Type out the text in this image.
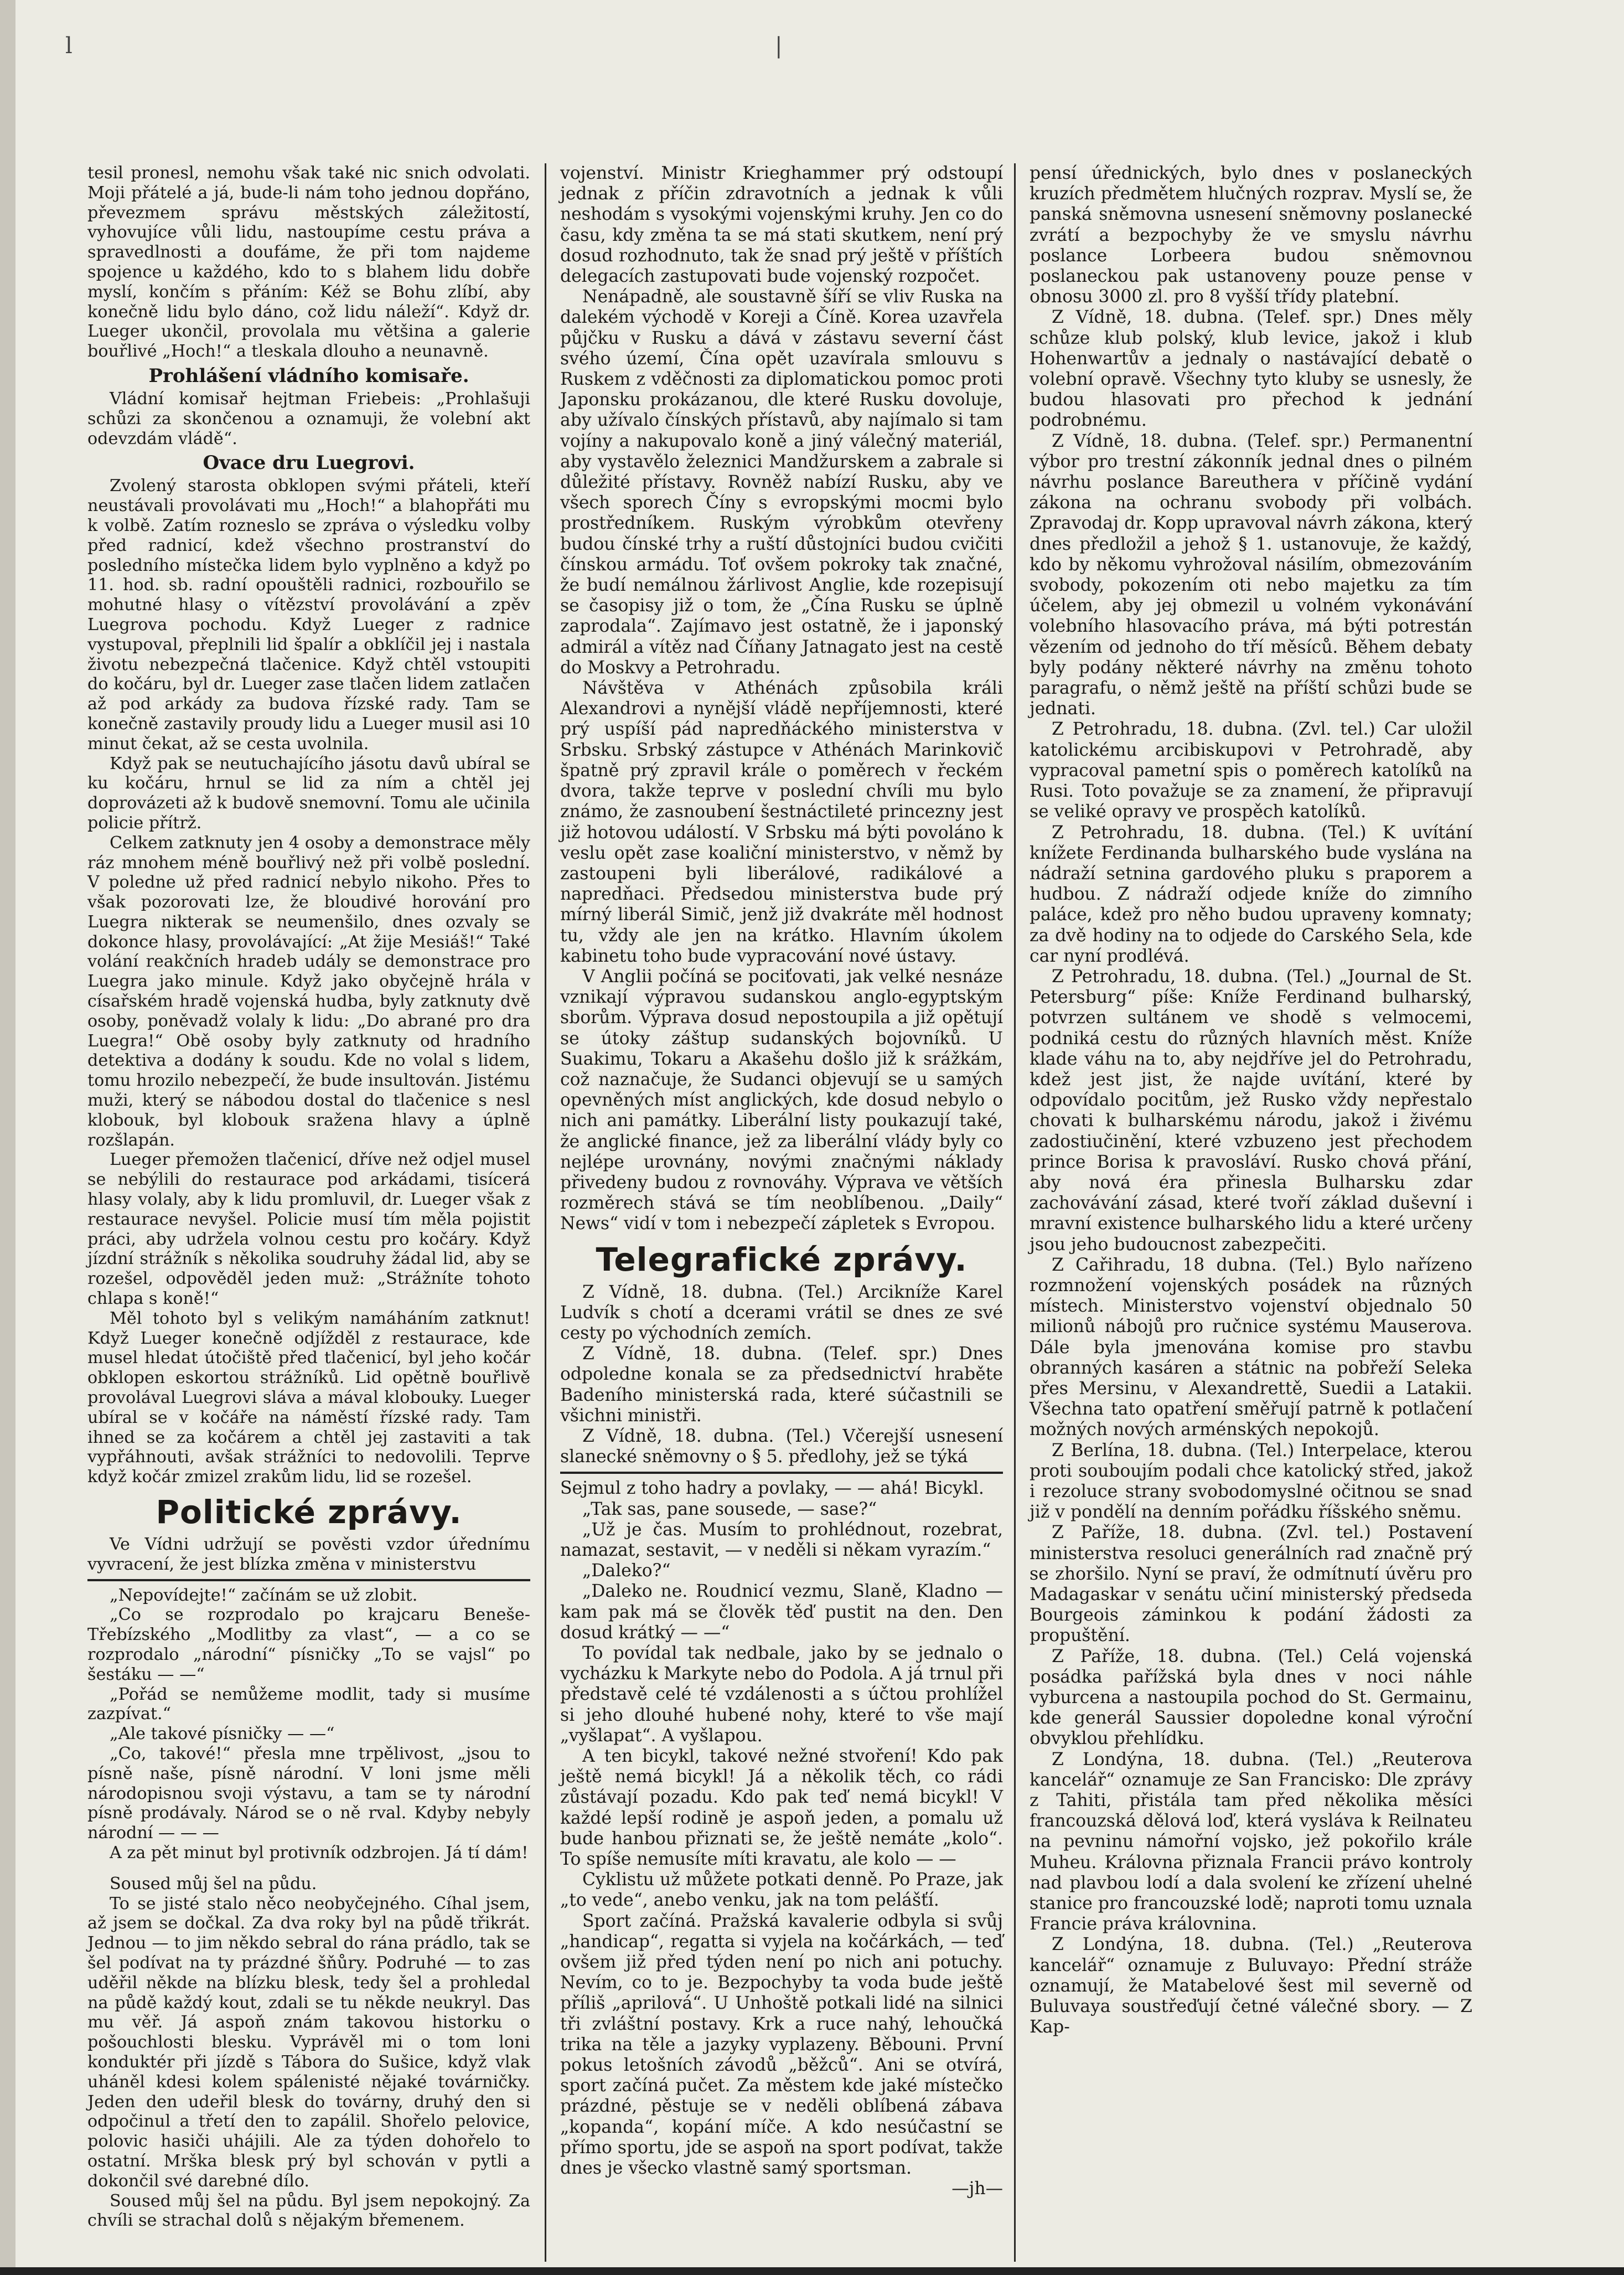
l	|

tesil pronesl, nemohu však také nic snich odvolati. Moji přátelé a já, bude-li nám toho jednou dopřáno, převezmem správu městských záležitostí, vyhovujíce vůli lidu, nastoupíme cestu práva a spravedlnosti a doufáme, že při tom najdeme spojence u každého, kdo to s blahem lidu dobře myslí, končím s přáním: Kéž se Bohu zlíbí, aby konečně lidu bylo dáno, což lidu náleží“. Když dr. Lueger ukončil, provolala mu většina a galerie bouřlivé „Hoch!“ a tleskala dlouho a neunavně.

Prohlášení vládního komisaře.

Vládní komisař hejtman Friebeis: „Prohlašuji schůzi za skončenou a oznamuji, že volební akt odevzdám vládě“.

Ovace dru Luegrovi.

Zvolený starosta obklopen svými přáteli, kteří neustávali provolávati mu „Hoch!“ a blahopřáti mu k volbě. Zatím rozneslo se zpráva o výsledku volby před radnicí, kdež všechno prostranství do posledního místečka lidem bylo vyplněno a když po 11. hod. sb. radní opouštěli radnici, rozbouřilo se mohutné hlasy o vítězství provolávání a zpěv Luegrova pochodu. Když Lueger z radnice vystupoval, přeplnili lid špalír a obklíčil jej i nastala životu nebezpečná tlačenice. Když chtěl vstoupiti do kočáru, byl dr. Lueger zase tlačen lidem zatlačen až pod arkády za budova řízské rady. Tam se konečně zastavily proudy lidu a Lueger musil asi 10 minut čekat, až se cesta uvolnila.

Když pak se neutuchajícího jásotu davů ubíral se ku kočáru, hrnul se lid za ním a chtěl jej doprovázeti až k budově snemovní. Tomu ale učinila policie přítrž.

Celkem zatknuty jen 4 osoby a demonstrace měly ráz mnohem méně bouřlivý než při volbě poslední. V poledne už před radnicí nebylo nikoho. Přes to však pozorovati lze, že bloudivé horování pro Luegra nikterak se neumenšilo, dnes ozvaly se dokonce hlasy, provolávající: „At žije Mesiáš!“ Také volání reakčních hradeb udály se demonstrace pro Luegra jako minule. Když jako obyčejně hrála v císařském hradě vojenská hudba, byly zatknuty dvě osoby, poněvadž volaly k lidu: „Do abrané pro dra Luegra!“ Obě osoby byly zatknuty od hradního detektiva a dodány k soudu. Kde no volal s lidem, tomu hrozilo nebezpečí, že bude insultován. Jistému muži, který se nábodou dostal do tlačenice s nesl klobouk, byl klobouk sražena hlavy a úplně rozšlapán.

Lueger přemožen tlačenicí, dříve než odjel musel se nebýlili do restaurace pod arkádami, tisícerá hlasy volaly, aby k lidu promluvil, dr. Lueger však z restaurace nevyšel. Policie musí tím měla pojistit práci, aby udržela volnou cestu pro kočáry. Když jízdní strážník s několika soudruhy žádal lid, aby se rozešel, odpověděl jeden muž: „Strážníte tohoto chlapa s koně!“

Měl tohoto byl s velikým namáháním zatknut! Když Lueger konečně odjížděl z restaurace, kde musel hledat útočiště před tlačenicí, byl jeho kočár obklopen eskortou strážníků. Lid opětně bouřlivě provolával Luegrovi sláva a mával klobouky. Lueger ubíral se v kočáře na náměstí řízské rady. Tam ihned se za kočárem a chtěl jej zastaviti a tak vypřáhnouti, avšak strážníci to nedovolili. Teprve když kočár zmizel zrakům lidu, lid se rozešel.

Politické zprávy.

Ve Vídni udržují se pověsti vzdor úřednímu vyvracení, že jest blízka změna v ministerstvu

„Nepovídejte!“ začínám se už zlobit.

„Co se rozprodalo po krajcaru Beneše-Třebízského „Modlitby za vlast“, — a co se rozprodalo „národní“ písničky „To se vajsl“ po šestáku — —“

„Pořád se nemůžeme modlit, tady si musíme zazpívat.“

„Ale takové písničky — —“

„Co, takové!“ přesla mne trpělivost, „jsou to písně naše, písně národní. V loni jsme měli národopisnou svoji výstavu, a tam se ty národní písně prodávaly. Národ se o ně rval. Kdyby nebyly národní — — —

A za pět minut byl protivník odzbrojen. Já tí dám!

Soused můj šel na půdu.

To se jisté stalo něco neobyčejného. Cíhal jsem, až jsem se dočkal. Za dva roky byl na půdě třikrát. Jednou — to jim někdo sebral do rána prádlo, tak se šel podívat na ty prázdné šňůry. Podruhé — to zas uděřil někde na blízku blesk, tedy šel a prohledal na půdě každý kout, zdali se tu někde neukryl. Das mu věř. Já aspoň znám takovou historku o pošouchlosti blesku. Vyprávěl mi o tom loni konduktér při jízdě s Tábora do Sušice, když vlak uháněl kdesi kolem spálenisté nějaké továrničky. Jeden den udeřil blesk do továrny, druhý den si odpočinul a třetí den to zapálil. Shořelo pelovice, polovic hasiči uhájili. Ale za týden dohořelo to ostatní. Mrška blesk prý byl schován v pytli a dokončil své darebné dílo.

Soused můj šel na půdu. Byl jsem nepokojný. Za chvíli se strachal dolů s nějakým břemenem.

vojenství. Ministr Krieghammer prý odstoupí jednak z příčin zdravotních a jednak k vůli neshodám s vysokými vojenskými kruhy. Jen co do času, kdy změna ta se má stati skutkem, není prý dosud rozhodnuto, tak že snad prý ještě v příštích delegacích zastupovati bude vojenský rozpočet.

Nenápadně, ale soustavně šíří se vliv Ruska na dalekém východě v Koreji a Číně. Korea uzavřela půjčku v Rusku a dává v zástavu severní část svého území, Čína opět uzavírala smlouvu s Ruskem z vděčnosti za diplomatickou pomoc proti Japonsku prokázanou, dle které Rusku dovoluje, aby užívalo čínských přístavů, aby najímalo si tam vojíny a nakupovalo koně a jiný válečný materiál, aby vystavělo železnici Mandžurskem a zabrale si důležité přístavy. Rovněž nabízí Rusku, aby ve všech sporech Číny s evropskými mocmi bylo prostředníkem. Ruským výrobkům otevřeny budou čínské trhy a ruští důstojníci budou cvičiti čínskou armádu. Toť ovšem pokroky tak značné, že budí nemálnou žárlivost Anglie, kde rozepisují se časopisy již o tom, že „Čína Rusku se úplně zaprodala“. Zajímavo jest ostatně, že i japonský admirál a vítěz nad Číňany Jatnagato jest na cestě do Moskvy a Petrohradu.

Návštěva v Athénách způsobila králi Alexandrovi a nynější vládě nepříjemnosti, které prý uspíší pád napredňáckého ministerstva v Srbsku. Srbský zástupce v Athénách Marinkovič špatně prý zpravil krále o poměrech v řeckém dvora, takže teprve v poslední chvíli mu bylo známo, že zasnoubení šestnáctileté princezny jest již hotovou událostí. V Srbsku má býti povoláno k veslu opět zase koaliční ministerstvo, v němž by zastoupeni byli liberálové, radikálové a napredňaci. Předsedou ministerstva bude prý mírný liberál Simič, jenž již dvakráte měl hodnost tu, vždy ale jen na krátko. Hlavním úkolem kabinetu toho bude vypracování nové ústavy.

V Anglii počíná se pociťovati, jak velké nesnáze vznikají výpravou sudanskou anglo-egyptským sborům. Výprava dosud nepostoupila a již opětují se útoky záštup sudanských bojovníků. U Suakimu, Tokaru a Akašehu došlo již k srážkám, což naznačuje, že Sudanci objevují se u samých opevněných míst anglických, kde dosud nebylo o nich ani památky. Liberální listy poukazují také, že anglické finance, jež za liberální vlády byly co nejlépe urovnány, novými značnými náklady přivedeny budou z rovnováhy. Výprava ve větších rozměrech stává se tím neoblíbenou. „Daily“ News“ vidí v tom i nebezpečí zápletek s Evropou.

Telegrafické zprávy.

Z Vídně, 18. dubna. (Tel.) Arcikníže Karel Ludvík s chotí a dcerami vrátil se dnes ze své cesty po východních zemích.

Z Vídně, 18. dubna. (Telef. spr.) Dnes odpoledne konala se za předsednictví hraběte Badeního ministerská rada, které súčastnili se všichni ministři.

Z Vídně, 18. dubna. (Tel.) Včerejší usnesení slanecké sněmovny o § 5. předlohy, jež se týká

Sejmul z toho hadry a povlaky, — — ahá! Bicykl.

„Tak sas, pane sousede, — sase?“

„Už je čas. Musím to prohlédnout, rozebrat, namazat, sestavit, — v neděli si někam vyrazím.“

„Daleko?“

„Daleko ne. Roudnicí vezmu, Slaně, Kladno — kam pak má se člověk těď pustit na den. Den dosud krátký — —“

To povídal tak nedbale, jako by se jednalo o vycházku k Markyte nebo do Podola. A já trnul při představě celé té vzdálenosti a s účtou prohlížel si jeho dlouhé hubené nohy, které to vše mají „vyšlapat“. A vyšlapou.

A ten bicykl, takové nežné stvoření! Kdo pak ještě nemá bicykl! Já a několik těch, co rádi zůstávají pozadu. Kdo pak teď nemá bicykl! V každé lepší rodině je aspoň jeden, a pomalu už bude hanbou přiznati se, že ještě nemáte „kolo“. To spíše nemusíte míti kravatu, ale kolo — —

Cyklistu už můžete potkati denně. Po Praze, jak „to vede“, anebo venku, jak na tom pelášťí.

Sport začíná. Pražská kavalerie odbyla si svůj „handicap“, regatta si vyjela na kočárkách, — teď ovšem již před týden není po nich ani potuchy. Nevím, co to je. Bezpochyby ta voda bude ještě příliš „aprilová“. U Unhoště potkali lidé na silnici tři zvláštní postavy. Krk a ruce nahý, lehoučká trika na těle a jazyky vyplazeny. Běbouni. První pokus letošních závodů „běžců“. Ani se otvírá, sport začíná pučet. Za městem kde jaké místečko prázdné, pěstuje se v neděli oblíbená zábava „kopanda“, kopání míče. A kdo nesúčastní se přímo sportu, jde se aspoň na sport podívat, takže dnes je všecko vlastně samý sportsman.

—jh—

pensí úřednických, bylo dnes v poslaneckých kruzích předmětem hlučných rozprav. Myslí se, že panská sněmovna usnesení sněmovny poslanecké zvrátí a bezpochyby že ve smyslu návrhu poslance Lorbeera budou sněmovnou poslaneckou pak ustanoveny pouze pense v obnosu 3000 zl. pro 8 vyšší třídy platební.

Z Vídně, 18. dubna. (Telef. spr.) Dnes měly schůze klub polský, klub levice, jakož i klub Hohenwartův a jednaly o nastávající debatě o volební opravě. Všechny tyto kluby se usnesly, že budou hlasovati pro přechod k jednání podrobnému.

Z Vídně, 18. dubna. (Telef. spr.) Permanentní výbor pro trestní zákonník jednal dnes o pilném návrhu poslance Bareuthera v příčině vydání zákona na ochranu svobody při volbách. Zpravodaj dr. Kopp upravoval návrh zákona, který dnes předložil a jehož § 1. ustanovuje, že každý, kdo by někomu vyhrožoval násilím, obmezováním svobody, pokozením oti nebo majetku za tím účelem, aby jej obmezil u volném vykonávání volebního hlasovacího práva, má býti potrestán vězením od jednoho do tří měsíců. Během debaty byly podány některé návrhy na změnu tohoto paragrafu, o němž ještě na příští schůzi bude se jednati.

Z Petrohradu, 18. dubna. (Zvl. tel.) Car uložil katolickému arcibiskupovi v Petrohradě, aby vypracoval pametní spis o poměrech katolíků na Rusi. Toto považuje se za znamení, že připravují se veliké opravy ve prospěch katolíků.

Z Petrohradu, 18. dubna. (Tel.) K uvítání knížete Ferdinanda bulharského bude vyslána na nádraží setnina gardového pluku s praporem a hudbou. Z nádraží odjede kníže do zimního paláce, kdež pro něho budou upraveny komnaty; za dvě hodiny na to odjede do Carského Sela, kde car nyní prodlévá.

Z Petrohradu, 18. dubna. (Tel.) „Journal de St. Petersburg“ píše: Kníže Ferdinand bulharský, potvrzen sultánem ve shodě s velmocemi, podniká cestu do různých hlavních měst. Kníže klade váhu na to, aby nejdříve jel do Petrohradu, kdež jest jist, že najde uvítání, které by odpovídalo pocitům, jež Rusko vždy nepřestalo chovati k bulharskému národu, jakož i živému zadostiučinění, které vzbuzeno jest přechodem prince Borisa k pravosláví. Rusko chová přání, aby nová éra přinesla Bulharsku zdar zachovávání zásad, které tvoří základ duševní i mravní existence bulharského lidu a které určeny jsou jeho budoucnost zabezpečiti.

Z Cařihradu, 18 dubna. (Tel.) Bylo nařízeno rozmnožení vojenských posádek na různých místech. Ministerstvo vojenství objednalo 50 milionů nábojů pro ručnice systému Mauserova. Dále byla jmenována komise pro stavbu obranných kasáren a státnic na pobřeží Seleka přes Mersinu, v Alexandrettě, Suedii a Latakii. Všechna tato opatření směřují patrně k potlačení možných nových arménských nepokojů.

Z Berlína, 18. dubna. (Tel.) Interpelace, kterou proti souboujím podali chce katolický střed, jakož i rezoluce strany svobodomyslné očitnou se snad již v pondělí na denním pořádku říšského sněmu.

Z Paříže, 18. dubna. (Zvl. tel.) Postavení ministerstva resoluci generálních rad značně prý se zhoršilo. Nyní se praví, že odmítnutí úvěru pro Madagaskar v senátu učiní ministerský předseda Bourgeois záminkou k podání žádosti za propuštění.

Z Paříže, 18. dubna. (Tel.) Celá vojenská posádka pařížská byla dnes v noci náhle vyburcena a nastoupila pochod do St. Germainu, kde generál Saussier dopoledne konal výroční obvyklou přehlídku.

Z Londýna, 18. dubna. (Tel.) „Reuterova kancelář“ oznamuje ze San Francisko: Dle zprávy z Tahiti, přistála tam před několika měsíci francouzská dělová loď, která vysláva k Reilnateu na pevninu námořní vojsko, jež pokořilo krále Muheu. Královna přiznala Francii právo kontroly nad plavbou lodí a dala svolení ke zřízení uhelné stanice pro francouzské lodě; naproti tomu uznala Francie práva královnina.

Z Londýna, 18. dubna. (Tel.) „Reuterova kancelář“ oznamuje z Buluvayo: Přední stráže oznamují, že Matabelové šest mil severně od Buluvaya soustřeďují četné válečné sbory. — Z Kap-
